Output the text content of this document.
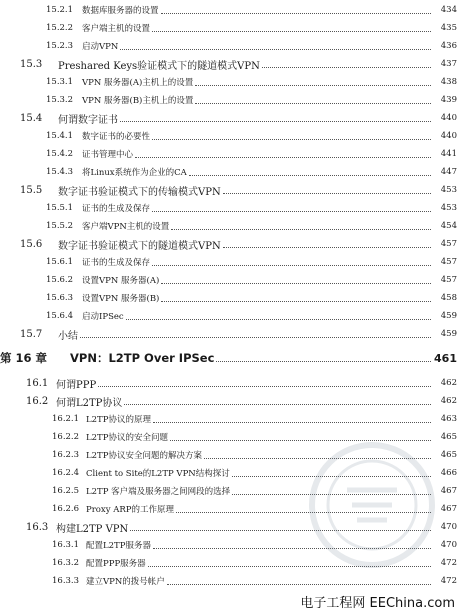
15.2.1	数据库服务器的设置	434
15.2.2	客户端主机的设置	435
15.2.3	启动VPN	436
15.3	Preshared Keys验证模式下的隧道模式VPN	437
15.3.1	VPN 服务器(A)主机上的设置	438
15.3.2	VPN 服务器(B)主机上的设置	439
15.4	何谓数字证书	440
15.4.1	数字证书的必要性	440
15.4.2	证书管理中心	441
15.4.3	将Linux系统作为企业的CA	447
15.5	数字证书验证模式下的传输模式VPN	453
15.5.1	证书的生成及保存	453
15.5.2	客户端VPN主机的设置	454
15.6	数字证书验证模式下的隧道模式VPN	457
15.6.1	证书的生成及保存	457
15.6.2	设置VPN 服务器(A)	457
15.6.3	设置VPN 服务器(B)	458
15.6.4	启动IPSec	459
15.7	小结	459
第 16 章	VPN：L2TP Over IPSec	461
16.1 何谓PPP	462
16.2 何谓L2TP协议	462
16.2.1 L2TP协议的原理	463
16.2.2 L2TP协议的安全问题	465
16.2.3 L2TP协议安全问题的解决方案	465
16.2.4 Client to Site的L2TP VPN结构探讨	466
16.2.5 L2TP 客户端及服务器之间网段的选择	467
16.2.6 Proxy ARP的工作原理	467
16.3 构建L2TP VPN	470
16.3.1 配置L2TP服务器	470
16.3.2 配置PPP服务器	472
16.3.3 建立VPN的拨号帐户	472
电子工程网 EEChina.com
